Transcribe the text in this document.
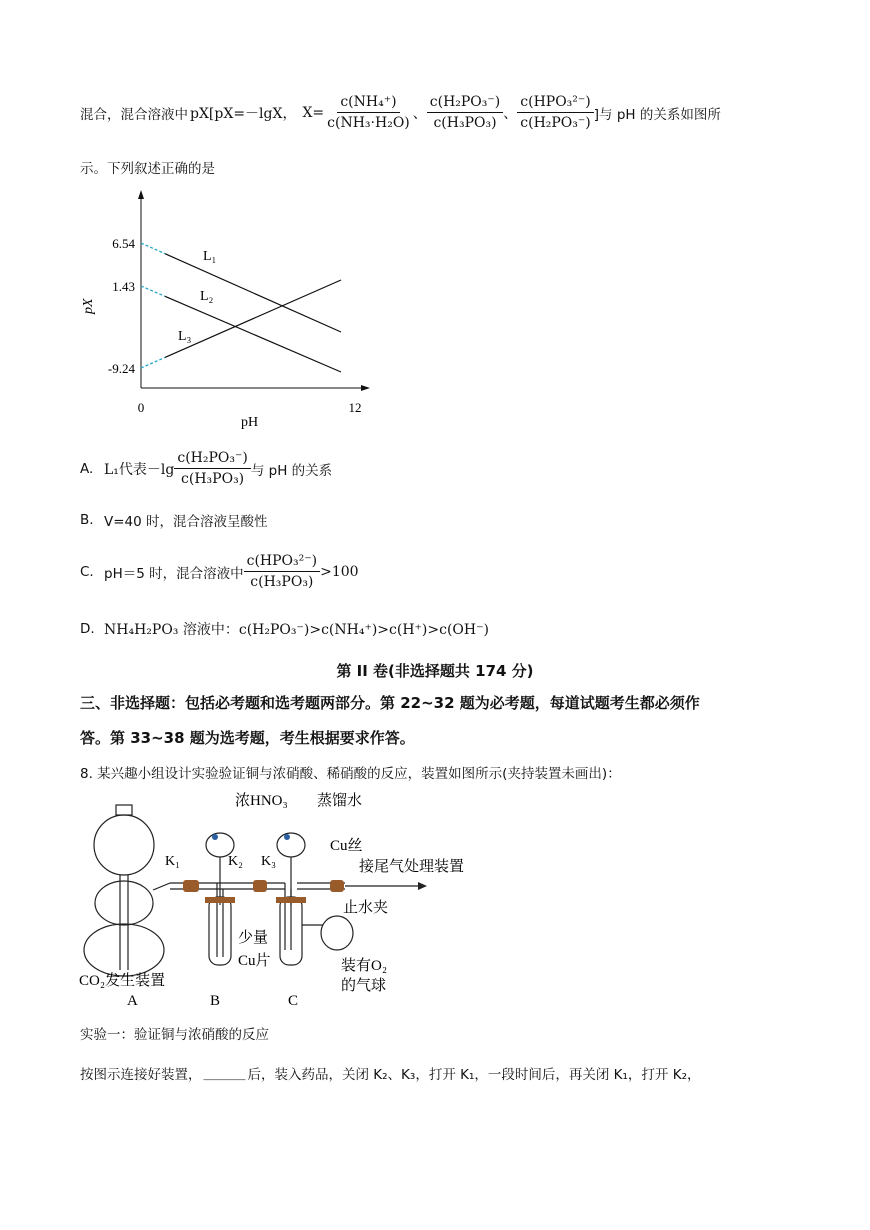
混合，混合溶液中 pX[pX=－lgX， $X= \frac{\text{c(NH₄⁺)}}{\text{c(NH₃·H₂O)}}$ 、 $\frac{\text{c(H₂PO₃⁻)}}{\text{c(H₃PO₃)}}$ 、 $\frac{\text{c(HPO₃²⁻)}}{\text{c(H₂PO₃⁻)}}$ ]与 pH 的关系如图所
示。下列叙述正确的是
6.54
1.43
-9.24
0	12
L₁
L₂
L₃
pX
pH
A. L₁代表$-\lg \frac{\text{c(H₂PO₃⁻)}}{\text{c(H₃PO₃)}}$ 与 pH 的关系
B. V=40 时，混合溶液呈酸性
C. pH＝5 时，混合溶液中 $\frac{\text{c(HPO₃²⁻)}}{\text{c(H₃PO₃)}} >100$
D. NH₄H₂PO₃ 溶液中：c(H₂PO₃⁻)>c(NH₄⁺)>c(H⁺)>c(OH⁻)
第 II 卷(非选择题共 174 分)
三、非选择题：包括必考题和选考题两部分。第 22~32 题为必考题，每道试题考生都必须作
答。第 33~38 题为选考题，考生根据要求作答。
8. 某兴趣小组设计实验验证铜与浓硝酸、稀硝酸的反应，装置如图所示(夹持装置未画出)：
浓HNO₃ 蒸馏水
K₁	K₂ K₃
Cu丝
接尾气处理装置
止水夹
少量
Cu片	装有O₂
的气球
CO₂发生装置
A	B	C
实验一：验证铜与浓硝酸的反应
按图示连接好装置， ______ 后，装入药品，关闭 K₂、K₃，打开 K₁，一段时间后，再关闭 K₁，打开 K₂，
